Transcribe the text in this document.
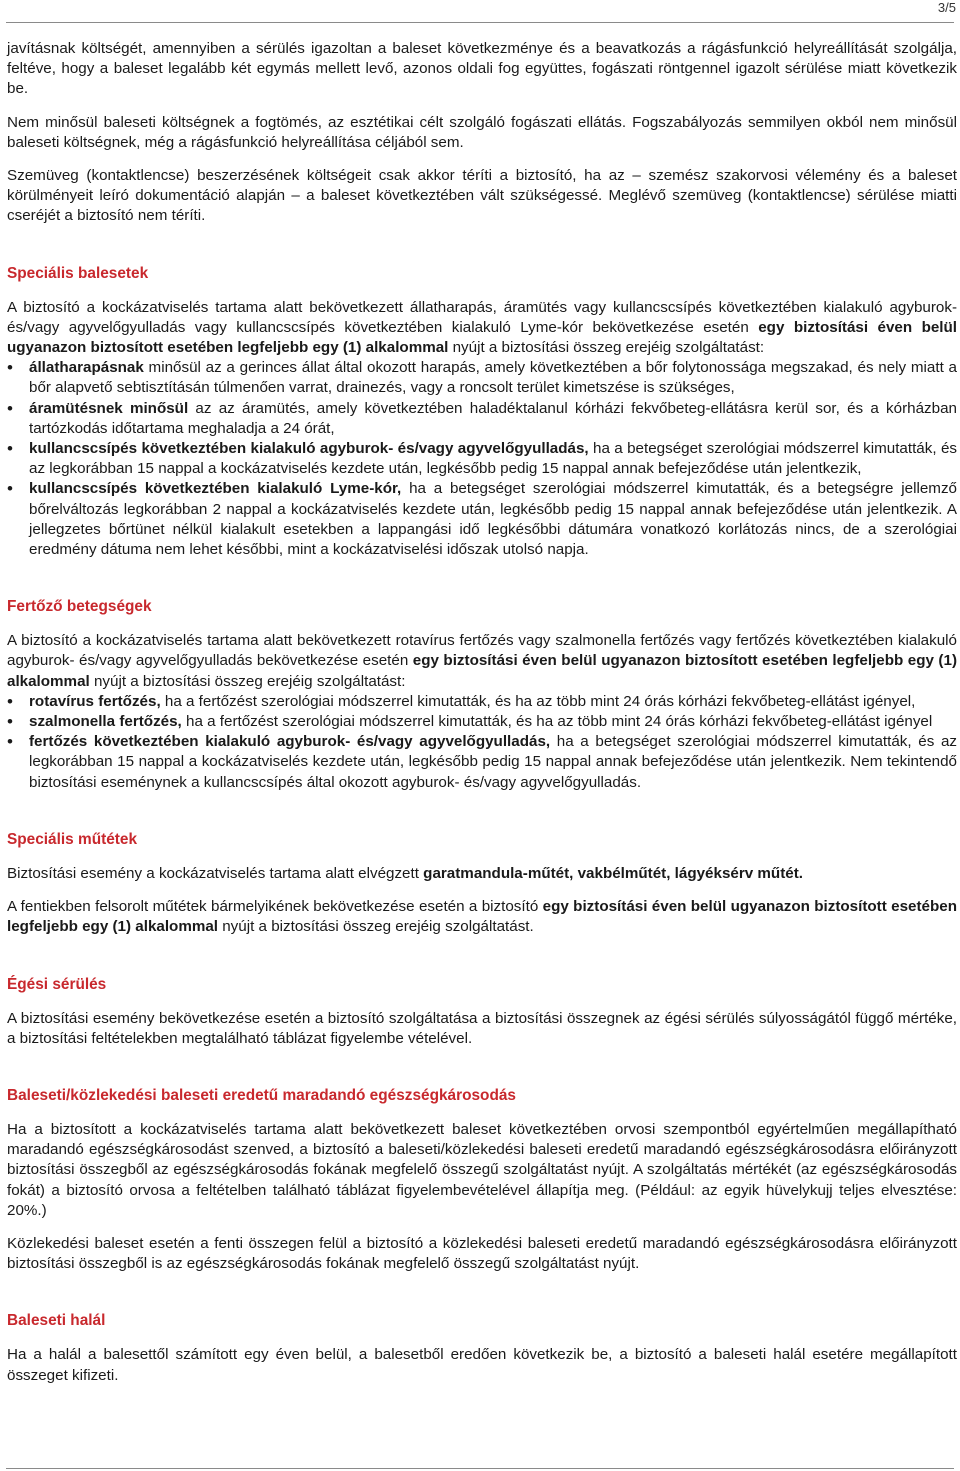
3/5

javításnak költségét, amennyiben a sérülés igazoltan a baleset következménye és a beavatkozás a rágásfunkció helyreállítását szolgálja, feltéve, hogy a baleset legalább két egymás mellett levő, azonos oldali fog együttes, fogászati röntgennel igazolt sérülése miatt következik be.

Nem minősül baleseti költségnek a fogtömés, az esztétikai célt szolgáló fogászati ellátás. Fogszabályozás semmilyen okból nem minősül baleseti költségnek, még a rágásfunkció helyreállítása céljából sem.

Szemüveg (kontaktlencse) beszerzésének költségeit csak akkor téríti a biztosító, ha az – szemész szakorvosi vélemény és a baleset körülményeit leíró dokumentáció alapján – a baleset következtében vált szükségessé. Meglévő szemüveg (kontaktlencse) sérülése miatti cseréjét a biztosító nem téríti.

Speciális balesetek

A biztosító a kockázatviselés tartama alatt bekövetkezett állatharapás, áramütés vagy kullancscsípés következtében kialakuló agyburok- és/vagy agyvelőgyulladás vagy kullancscsípés következtében kialakuló Lyme-kór bekövetkezése esetén egy biztosítási éven belül ugyanazon biztosított esetében legfeljebb egy (1) alkalommal nyújt a biztosítási összeg erejéig szolgáltatást:

• állatharapásnak minősül az a gerinces állat által okozott harapás, amely következtében a bőr folytonossága megszakad, és nely miatt a bőr alapvető sebtisztításán túlmenően varrat, drainezés, vagy a roncsolt terület kimetszése is szükséges,
• áramütésnek minősül az az áramütés, amely következtében haladéktalanul kórházi fekvőbeteg-ellátásra kerül sor, és a kórházban tartózkodás időtartama meghaladja a 24 órát,
• kullancscsípés következtében kialakuló agyburok- és/vagy agyvelőgyulladás, ha a betegséget szerológiai módszerrel kimutatták, és az legkorábban 15 nappal a kockázatviselés kezdete után, legkésőbb pedig 15 nappal annak befejeződése után jelentkezik,
• kullancscsípés következtében kialakuló Lyme-kór, ha a betegséget szerológiai módszerrel kimutatták, és a betegségre jellemző bőrelváltozás legkorábban 2 nappal a kockázatviselés kezdete után, legkésőbb pedig 15 nappal annak befejeződése után jelentkezik. A jellegzetes bőrtünet nélkül kialakult esetekben a lappangási idő legkésőbbi dátumára vonatkozó korlátozás nincs, de a szerológiai eredmény dátuma nem lehet későbbi, mint a kockázatviselési időszak utolsó napja.
Fertőző betegségek

A biztosító a kockázatviselés tartama alatt bekövetkezett rotavírus fertőzés vagy szalmonella fertőzés vagy fertőzés következtében kialakuló agyburok- és/vagy agyvelőgyulladás bekövetkezése esetén egy biztosítási éven belül ugyanazon biztosított esetében legfeljebb egy (1) alkalommal nyújt a biztosítási összeg erejéig szolgáltatást:

• rotavírus fertőzés, ha a fertőzést szerológiai módszerrel kimutatták, és ha az több mint 24 órás kórházi fekvőbeteg-ellátást igényel,
• szalmonella fertőzés, ha a fertőzést szerológiai módszerrel kimutatták, és ha az több mint 24 órás kórházi fekvőbeteg-ellátást igényel
• fertőzés következtében kialakuló agyburok- és/vagy agyvelőgyulladás, ha a betegséget szerológiai módszerrel kimutatták, és az legkorábban 15 nappal a kockázatviselés kezdete után, legkésőbb pedig 15 nappal annak befejeződése után jelentkezik. Nem tekintendő biztosítási eseménynek a kullancscsípés által okozott agyburok- és/vagy agyvelőgyulladás.
Speciális műtétek

Biztosítási esemény a kockázatviselés tartama alatt elvégzett garatmandula-műtét, vakbélműtét, lágyéksérv műtét.

A fentiekben felsorolt műtétek bármelyikének bekövetkezése esetén a biztosító egy biztosítási éven belül ugyanazon biztosított esetében legfeljebb egy (1) alkalommal nyújt a biztosítási összeg erejéig szolgáltatást.

Égési sérülés

A biztosítási esemény bekövetkezése esetén a biztosító szolgáltatása a biztosítási összegnek az égési sérülés súlyosságától függő mértéke, a biztosítási feltételekben megtalálható táblázat figyelembe vételével.

Baleseti/közlekedési baleseti eredetű maradandó egészségkárosodás

Ha a biztosított a kockázatviselés tartama alatt bekövetkezett baleset következtében orvosi szempontból egyértelműen megállapítható maradandó egészségkárosodást szenved, a biztosító a baleseti/közlekedési baleseti eredetű maradandó egészségkárosodásra előirányzott biztosítási összegből az egészségkárosodás fokának megfelelő összegű szolgáltatást nyújt. A szolgáltatás mértékét (az egészségkárosodás fokát) a biztosító orvosa a feltételben található táblázat figyelembevételével állapítja meg. (Például: az egyik hüvelykujj teljes elvesztése: 20%.)

Közlekedési baleset esetén a fenti összegen felül a biztosító a közlekedési baleseti eredetű maradandó egészségkárosodásra előirányzott biztosítási összegből is az egészségkárosodás fokának megfelelő összegű szolgáltatást nyújt.

Baleseti halál

Ha a halál a balesettől számított egy éven belül, a balesetből eredően következik be, a biztosító a baleseti halál esetére megállapított összeget kifizeti.
